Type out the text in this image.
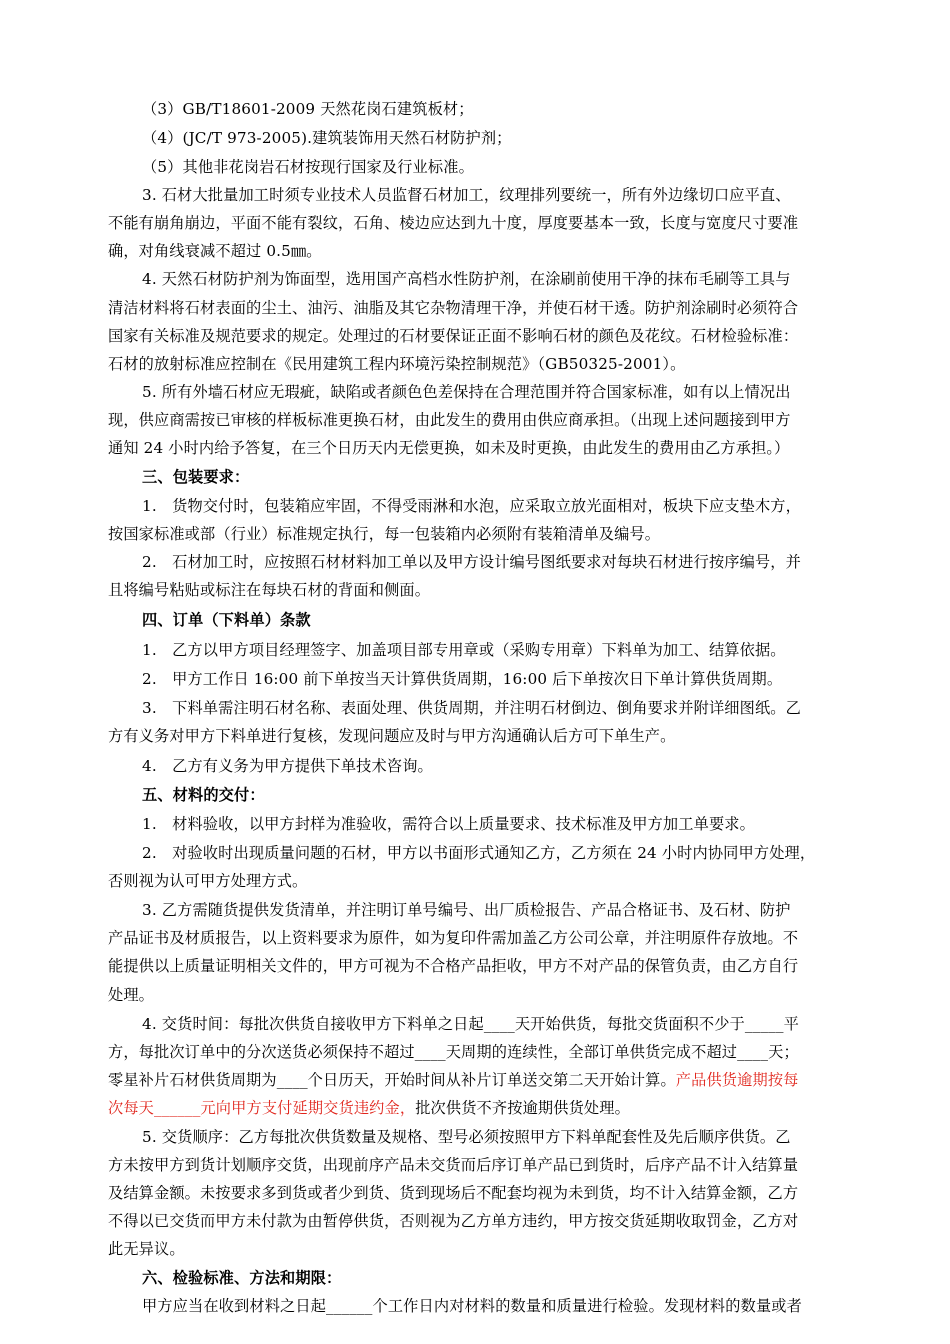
（3）GB/T18601-2009 天然花岗石建筑板材；
（4）(JC/T 973-2005).建筑装饰用天然石材防护剂；
（5）其他非花岗岩石材按现行国家及行业标准。
3. 石材大批量加工时须专业技术人员监督石材加工，纹理排列要统一，所有外边缘切口应平直、
不能有崩角崩边，平面不能有裂纹，石角、棱边应达到九十度，厚度要基本一致，长度与宽度尺寸要准
确，对角线衰减不超过 0.5㎜。
4. 天然石材防护剂为饰面型，选用国产高档水性防护剂，在涂刷前使用干净的抹布毛刷等工具与
清洁材料将石材表面的尘土、油污、油脂及其它杂物清理干净，并使石材干透。防护剂涂刷时必须符合
国家有关标准及规范要求的规定。处理过的石材要保证正面不影响石材的颜色及花纹。石材检验标准：
石材的放射标准应控制在《民用建筑工程内环境污染控制规范》（GB50325-2001）。
5. 所有外墙石材应无瑕疵，缺陷或者颜色色差保持在合理范围并符合国家标准，如有以上情况出
现，供应商需按已审核的样板标准更换石材，由此发生的费用由供应商承担。（出现上述问题接到甲方
通知 24 小时内给予答复，在三个日历天内无偿更换，如未及时更换，由此发生的费用由乙方承担。）
三、包装要求：
1.　货物交付时，包装箱应牢固，不得受雨淋和水泡，应采取立放光面相对，板块下应支垫木方，
按国家标准或部（行业）标准规定执行，每一包装箱内必须附有装箱清单及编号。
2.　石材加工时，应按照石材材料加工单以及甲方设计编号图纸要求对每块石材进行按序编号，并
且将编号粘贴或标注在每块石材的背面和侧面。
四、订单（下料单）条款
1.　乙方以甲方项目经理签字、加盖项目部专用章或（采购专用章）下料单为加工、结算依据。
2.　甲方工作日 16:00 前下单按当天计算供货周期，16:00 后下单按次日下单计算供货周期。
3.　下料单需注明石材名称、表面处理、供货周期，并注明石材倒边、倒角要求并附详细图纸。乙
方有义务对甲方下料单进行复核，发现问题应及时与甲方沟通确认后方可下单生产。
4.　乙方有义务为甲方提供下单技术咨询。
五、材料的交付：
1.　材料验收，以甲方封样为准验收，需符合以上质量要求、技术标准及甲方加工单要求。
2.　对验收时出现质量问题的石材，甲方以书面形式通知乙方，乙方须在 24 小时内协同甲方处理，
否则视为认可甲方处理方式。
3. 乙方需随货提供发货清单，并注明订单号编号、出厂质检报告、产品合格证书、及石材、防护
产品证书及材质报告，以上资料要求为原件，如为复印件需加盖乙方公司公章，并注明原件存放地。不
能提供以上质量证明相关文件的，甲方可视为不合格产品拒收，甲方不对产品的保管负责，由乙方自行
处理。
4. 交货时间：每批次供货自接收甲方下料单之日起____天开始供货，每批交货面积不少于_____平
方，每批次订单中的分次送货必须保持不超过____天周期的连续性，全部订单供货完成不超过____天；
零星补片石材供货周期为____个日历天，开始时间从补片订单送交第二天开始计算。产品供货逾期按每
次每天______元向甲方支付延期交货违约金，批次供货不齐按逾期供货处理。
5. 交货顺序：乙方每批次供货数量及规格、型号必须按照甲方下料单配套性及先后顺序供货。乙
方未按甲方到货计划顺序交货，出现前序产品未交货而后序订单产品已到货时，后序产品不计入结算量
及结算金额。未按要求多到货或者少到货、货到现场后不配套均视为未到货，均不计入结算金额，乙方
不得以已交货而甲方未付款为由暂停供货，否则视为乙方单方违约，甲方按交货延期收取罚金，乙方对
此无异议。
六、检验标准、方法和期限：
甲方应当在收到材料之日起______个工作日内对材料的数量和质量进行检验。发现材料的数量或者
